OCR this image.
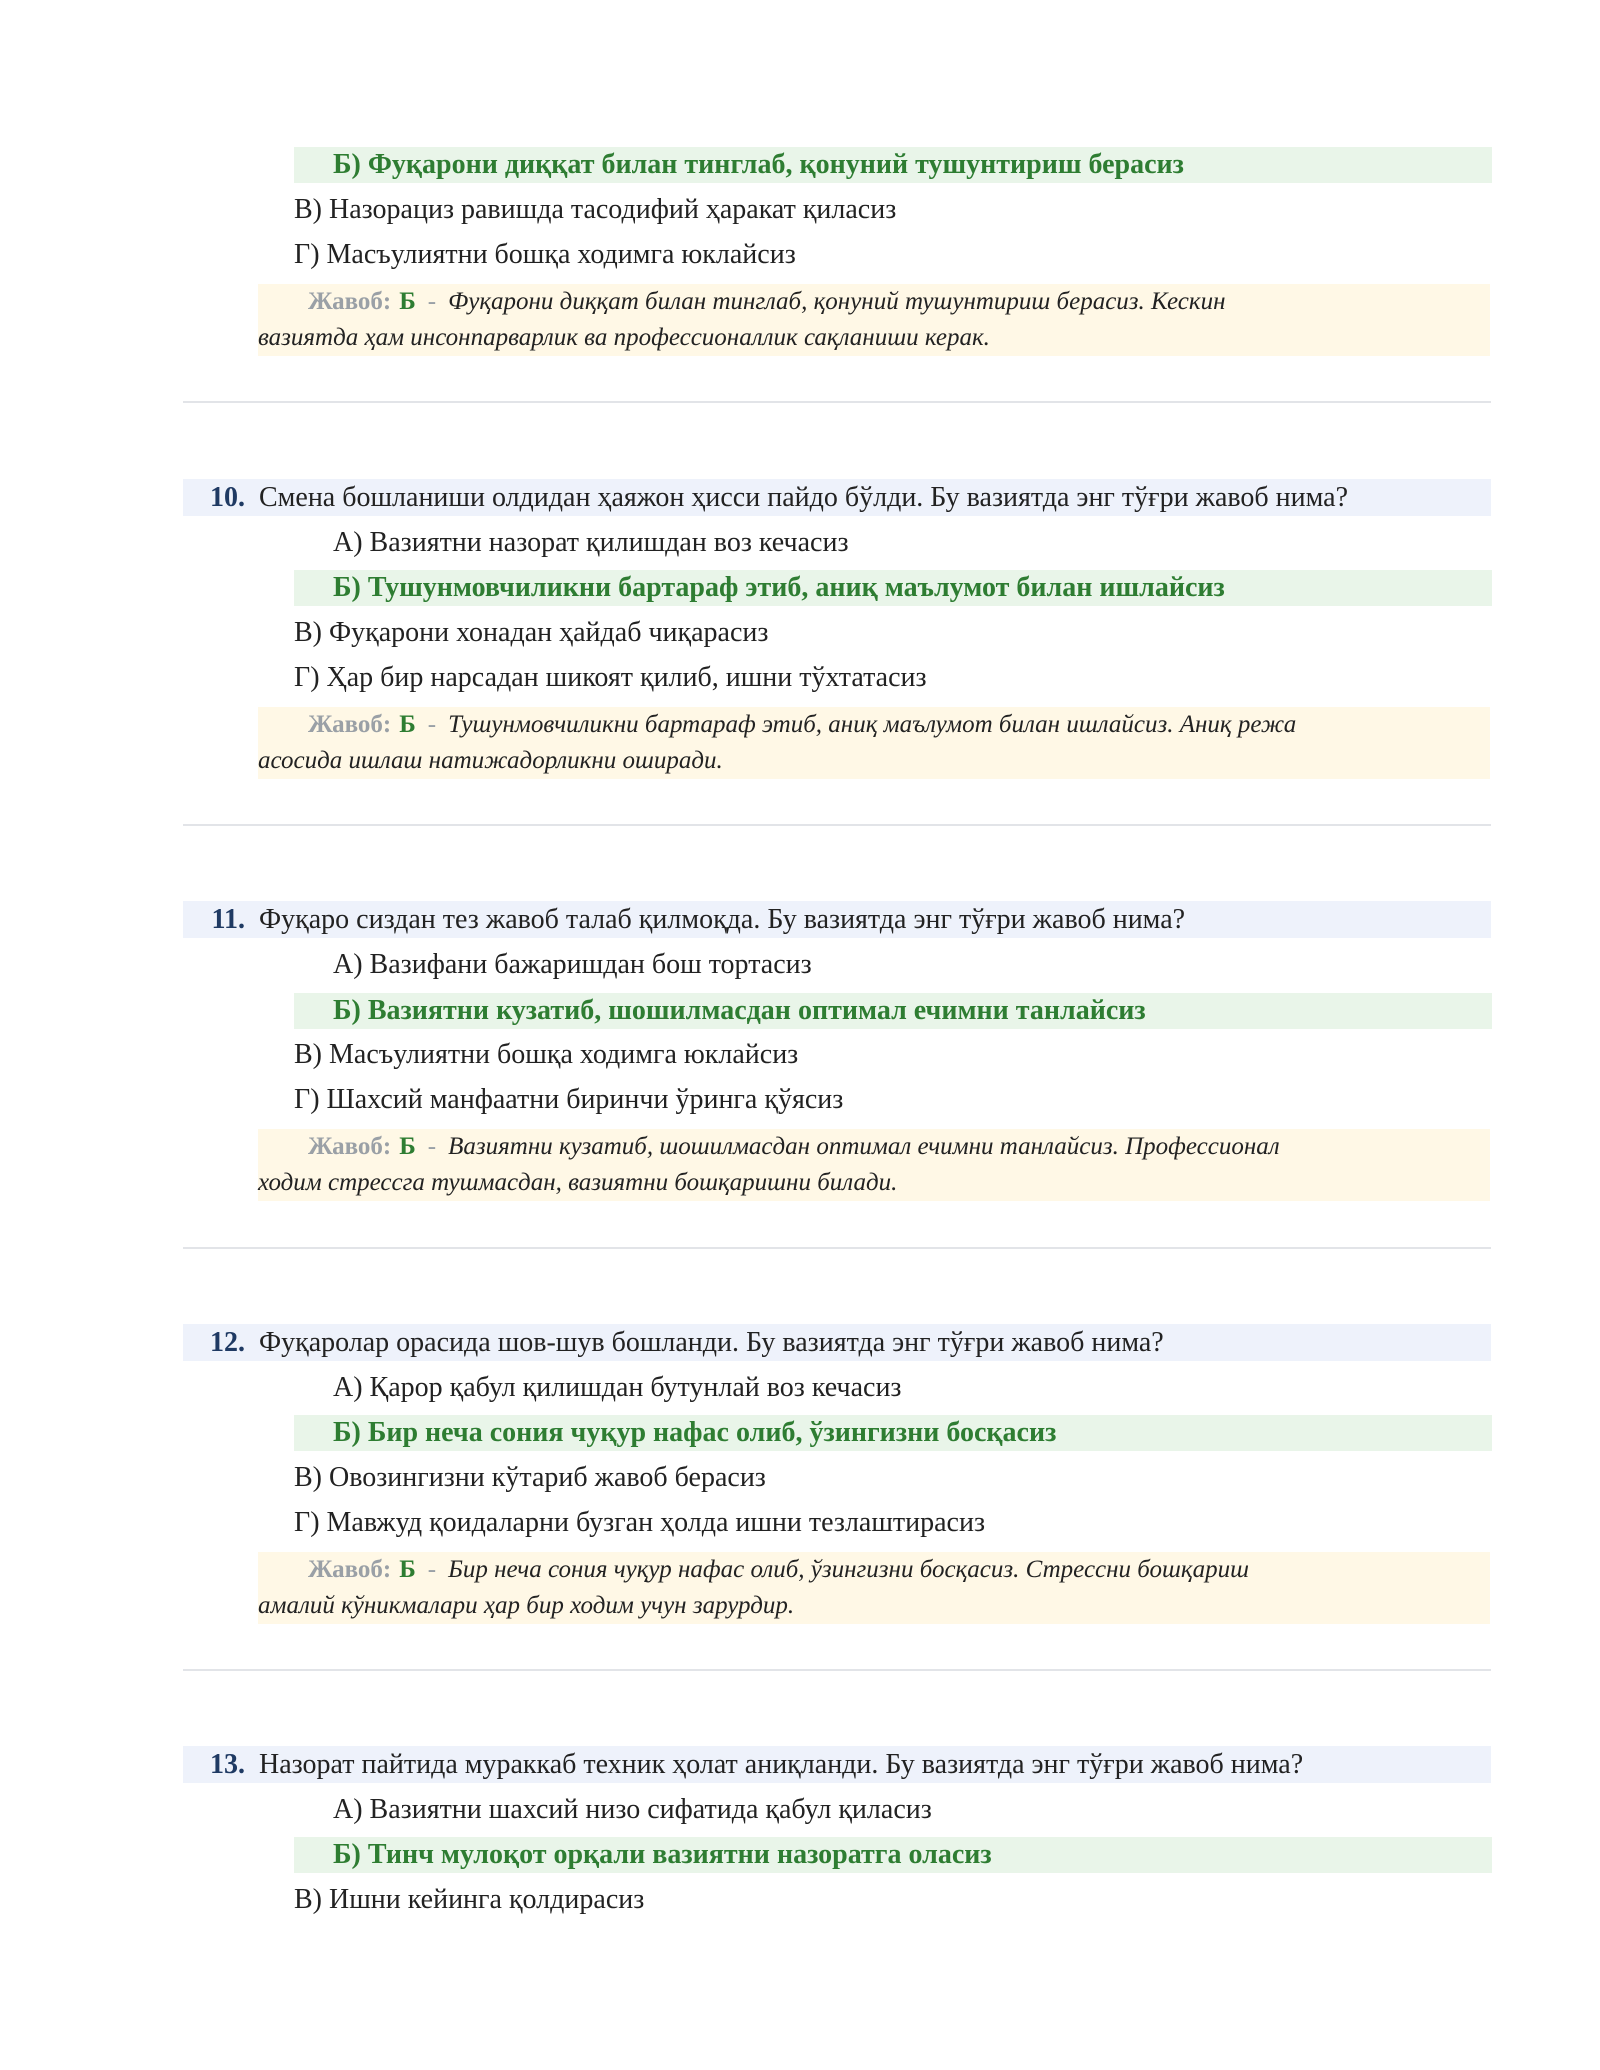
Б) Фуқарони диққат билан тинглаб, қонуний тушунтириш берасиз
В) Назорациз равишда тасодифий ҳаракат қиласиз
Г) Масъулиятни бошқа ходимга юклайсиз
Жавоб: Б - Фуқарони диққат билан тинглаб, қонуний тушунтириш берасиз. Кескин
вазиятда ҳам инсонпарварлик ва профессионаллик сақланиши керак.
10. Смена бошланиши олдидан ҳаяжон ҳисси пайдо бўлди. Бу вазиятда энг тўғри жавоб нима?
А) Вазиятни назорат қилишдан воз кечасиз
Б) Тушунмовчиликни бартараф этиб, аниқ маълумот билан ишлайсиз
В) Фуқарони хонадан ҳайдаб чиқарасиз
Г) Ҳар бир нарсадан шикоят қилиб, ишни тўхтатасиз
Жавоб: Б - Тушунмовчиликни бартараф этиб, аниқ маълумот билан ишлайсиз. Аниқ режа
асосида ишлаш натижадорликни оширади.
11. Фуқаро сиздан тез жавоб талаб қилмоқда. Бу вазиятда энг тўғри жавоб нима?
А) Вазифани бажаришдан бош тортасиз
Б) Вазиятни кузатиб, шошилмасдан оптимал ечимни танлайсиз
В) Масъулиятни бошқа ходимга юклайсиз
Г) Шахсий манфаатни биринчи ўринга қўясиз
Жавоб: Б - Вазиятни кузатиб, шошилмасдан оптимал ечимни танлайсиз. Профессионал
ходим стрессга тушмасдан, вазиятни бошқаришни билади.
12. Фуқаролар орасида шов-шув бошланди. Бу вазиятда энг тўғри жавоб нима?
А) Қарор қабул қилишдан бутунлай воз кечасиз
Б) Бир неча сония чуқур нафас олиб, ўзингизни босқасиз
В) Овозингизни кўтариб жавоб берасиз
Г) Мавжуд қоидаларни бузган ҳолда ишни тезлаштирасиз
Жавоб: Б - Бир неча сония чуқур нафас олиб, ўзингизни босқасиз. Стрессни бошқариш
амалий кўникмалари ҳар бир ходим учун зарурдир.
13. Назорат пайтида мураккаб техник ҳолат аниқланди. Бу вазиятда энг тўғри жавоб нима?
А) Вазиятни шахсий низо сифатида қабул қиласиз
Б) Тинч мулоқот орқали вазиятни назоратга оласиз
В) Ишни кейинга қолдирасиз
